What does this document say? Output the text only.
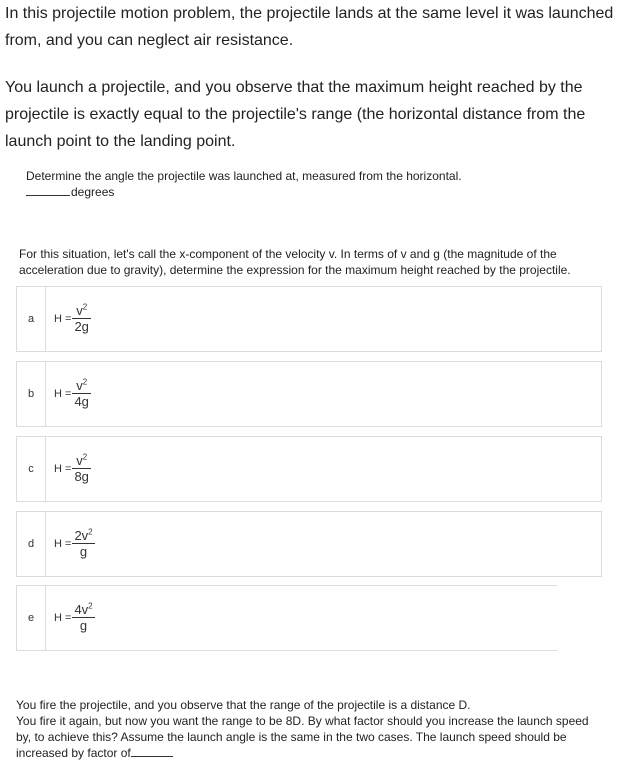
In this projectile motion problem, the projectile lands at the same level it was launched from, and you can neglect air resistance.

You launch a projectile, and you observe that the maximum height reached by the projectile is exactly equal to the projectile's range (the horizontal distance from the launch point to the landing point.

Determine the angle the projectile was launched at, measured from the horizontal.
degrees
For this situation, let's call the x-component of the velocity v. In terms of v and g (the magnitude of the acceleration due to gravity), determine the expression for the maximum height reached by the projectile.
a	$H = \frac{v^2}{2g}$
b	$H = \frac{v^2}{4g}$
c	$H = \frac{v^2}{8g}$
d	$H = \frac{2v^2}{g}$
e	$H = \frac{4v^2}{g}$

You fire the projectile, and you observe that the range of the projectile is a distance D.

You fire it again, but now you want the range to be 8D. By what factor should you increase the launch speed by, to achieve this? Assume the launch angle is the same in the two cases. The launch speed should be increased by factor of
